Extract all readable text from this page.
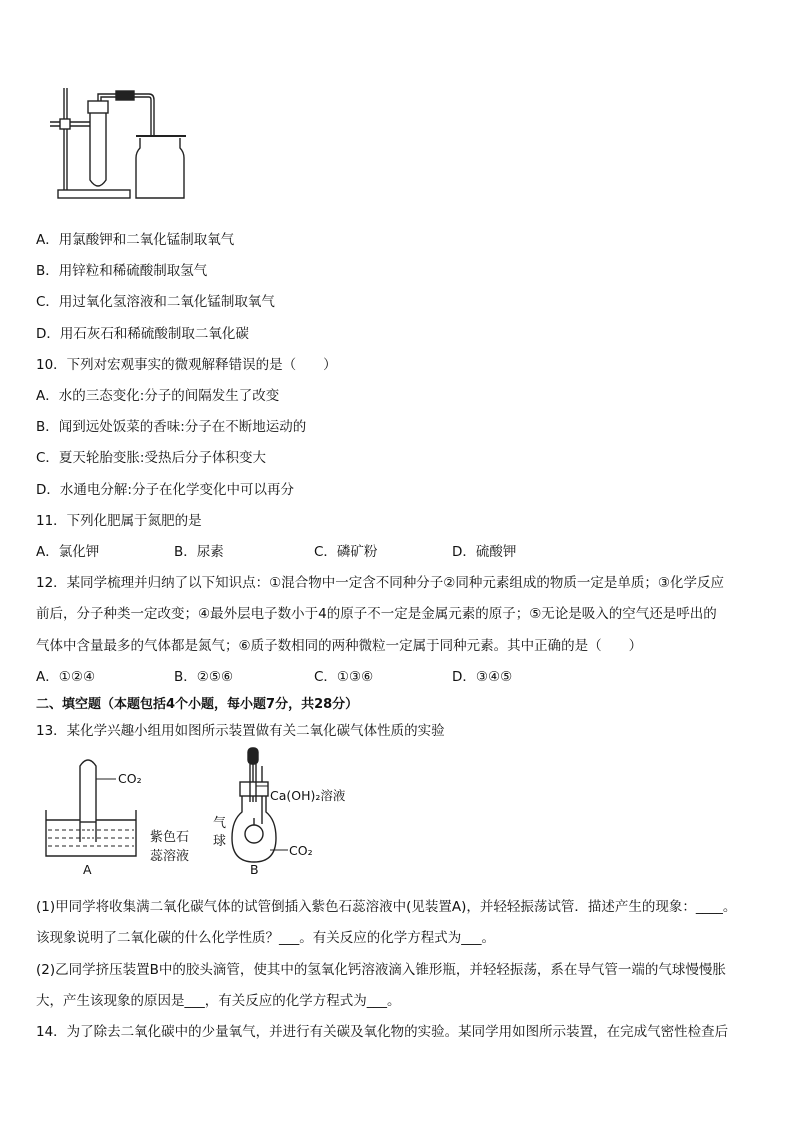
A．用氯酸钾和二氧化锰制取氧气
B．用锌粒和稀硫酸制取氢气
C．用过氧化氢溶液和二氧化锰制取氧气
D．用石灰石和稀硫酸制取二氧化碳
10．下列对宏观事实的微观解释错误的是（　　）
A．水的三态变化:分子的间隔发生了改变
B．闻到远处饭菜的香味:分子在不断地运动的
C．夏天轮胎变胀:受热后分子体积变大
D．水通电分解:分子在化学变化中可以再分
11．下列化肥属于氮肥的是
A．氯化钾	B．尿素	C．磷矿粉	D．硫酸钾
12．某同学梳理并归纳了以下知识点：①混合物中一定含不同种分子②同种元素组成的物质一定是单质；③化学反应
前后，分子种类一定改变；④最外层电子数小于4的原子不一定是金属元素的原子；⑤无论是吸入的空气还是呼出的
气体中含量最多的气体都是氮气；⑥质子数相同的两种微粒一定属于同种元素。其中正确的是（　　）
A．①②④	B．②⑤⑥	C．①③⑥	D．③④⑤
二、填空题（本题包括4个小题，每小题7分，共28分）
13．某化学兴趣小组用如图所示装置做有关二氧化碳气体性质的实验
CO₂
紫色石
蕊溶液
A
Ca(OH)₂溶液
气
球
CO₂
B
(1)甲同学将收集满二氧化碳气体的试管倒插入紫色石蕊溶液中(见装置A)，并轻轻振荡试管．描述产生的现象：____。
该现象说明了二氧化碳的什么化学性质？___。有关反应的化学方程式为___。
(2)乙同学挤压装置B中的胶头滴管，使其中的氢氧化钙溶液滴入锥形瓶，并轻轻振荡，系在导气管一端的气球慢慢胀
大，产生该现象的原因是___，有关反应的化学方程式为___。
14．为了除去二氧化碳中的少量氧气，并进行有关碳及氧化物的实验。某同学用如图所示装置，在完成气密性检查后
